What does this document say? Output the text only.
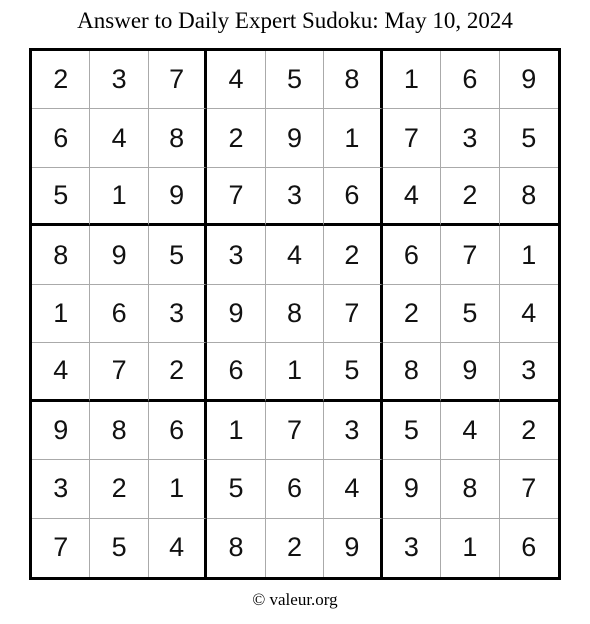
Answer to Daily Expert Sudoku: May 10, 2024
2	3	7	4	5	8	1	6	9
6	4	8	2	9	1	7	3	5
5	1	9	7	3	6	4	2	8
8	9	5	3	4	2	6	7	1
1	6	3	9	8	7	2	5	4
4	7	2	6	1	5	8	9	3
9	8	6	1	7	3	5	4	2
3	2	1	5	6	4	9	8	7
7	5	4	8	2	9	3	1	6
© valeur.org
